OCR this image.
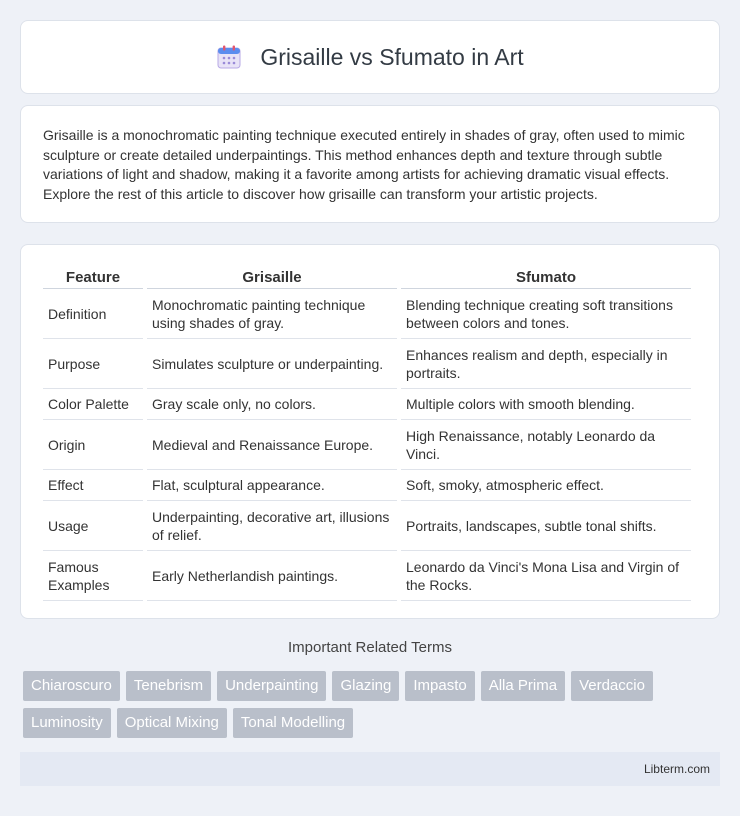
Grisaille vs Sfumato in Art

Grisaille is a monochromatic painting technique executed entirely in shades of gray, often used to mimic sculpture or create detailed underpaintings. This method enhances depth and texture through subtle variations of light and shadow, making it a favorite among artists for achieving dramatic visual effects. Explore the rest of this article to discover how grisaille can transform your artistic projects.

Feature	Grisaille	Sfumato
Definition	Monochromatic painting technique using shades of gray.	Blending technique creating soft transitions between colors and tones.
Purpose	Simulates sculpture or underpainting.	Enhances realism and depth, especially in portraits.
Color Palette	Gray scale only, no colors.	Multiple colors with smooth blending.
Origin	Medieval and Renaissance Europe.	High Renaissance, notably Leonardo da Vinci.
Effect	Flat, sculptural appearance.	Soft, smoky, atmospheric effect.
Usage	Underpainting, decorative art, illusions of relief.	Portraits, landscapes, subtle tonal shifts.
Famous Examples	Early Netherlandish paintings.	Leonardo da Vinci's Mona Lisa and Virgin of the Rocks.
Important Related Terms
Chiaroscuro	Tenebrism	Underpainting	Glazing	Impasto	Alla Prima	Verdaccio
Luminosity	Optical Mixing	Tonal Modelling
Libterm.com
